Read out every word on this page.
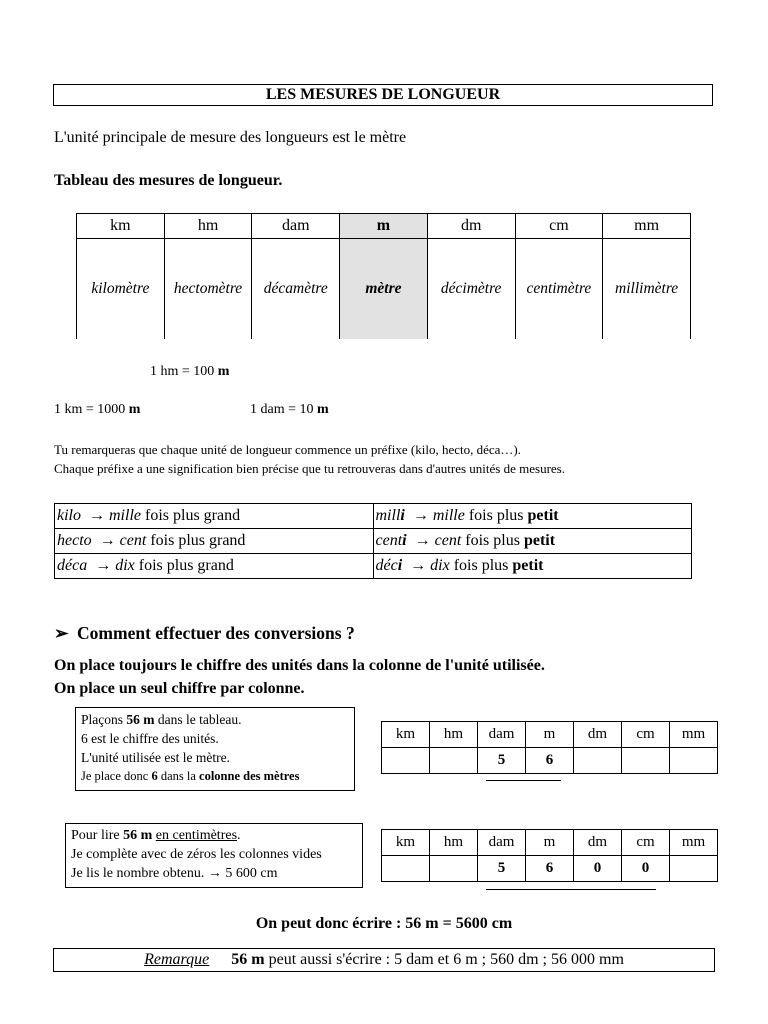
LES MESURES DE LONGUEUR
L'unité principale de mesure des longueurs est le mètre
Tableau des mesures de longueur.
km	hm	dam	m	dm	cm	mm
kilomètre	hectomètre	décamètre	mètre	décimètre	centimètre	millimètre
1 hm = 100 m
1 km = 1000 m	1 dam = 10 m
Tu remarqueras que chaque unité de longueur commence un préfixe (kilo, hecto, déca…).
Chaque préfixe a une signification bien précise que tu retrouveras dans d'autres unités de mesures.
kilo → mille fois plus grand	milli → mille fois plus petit
hecto → cent fois plus grand	centi → cent fois plus petit
déca → dix fois plus grand	déci → dix fois plus petit
➢ Comment effectuer des conversions ?
On place toujours le chiffre des unités dans la colonne de l'unité utilisée.
On place un seul chiffre par colonne.
Plaçons 56 m dans le tableau.
6 est le chiffre des unités.
L'unité utilisée est le mètre.
Je place donc 6 dans la colonne des mètres
km	hm	dam	m	dm	cm	mm
		5	6			
Pour lire 56 m en centimètres.
Je complète avec de zéros les colonnes vides
Je lis le nombre obtenu. → 5 600 cm
km	hm	dam	m	dm	cm	mm
		5	6	0	0	
On peut donc écrire : 56 m = 5600 cm
Remarque 56 m peut aussi s'écrire : 5 dam et 6 m ; 560 dm ; 56 000 mm
